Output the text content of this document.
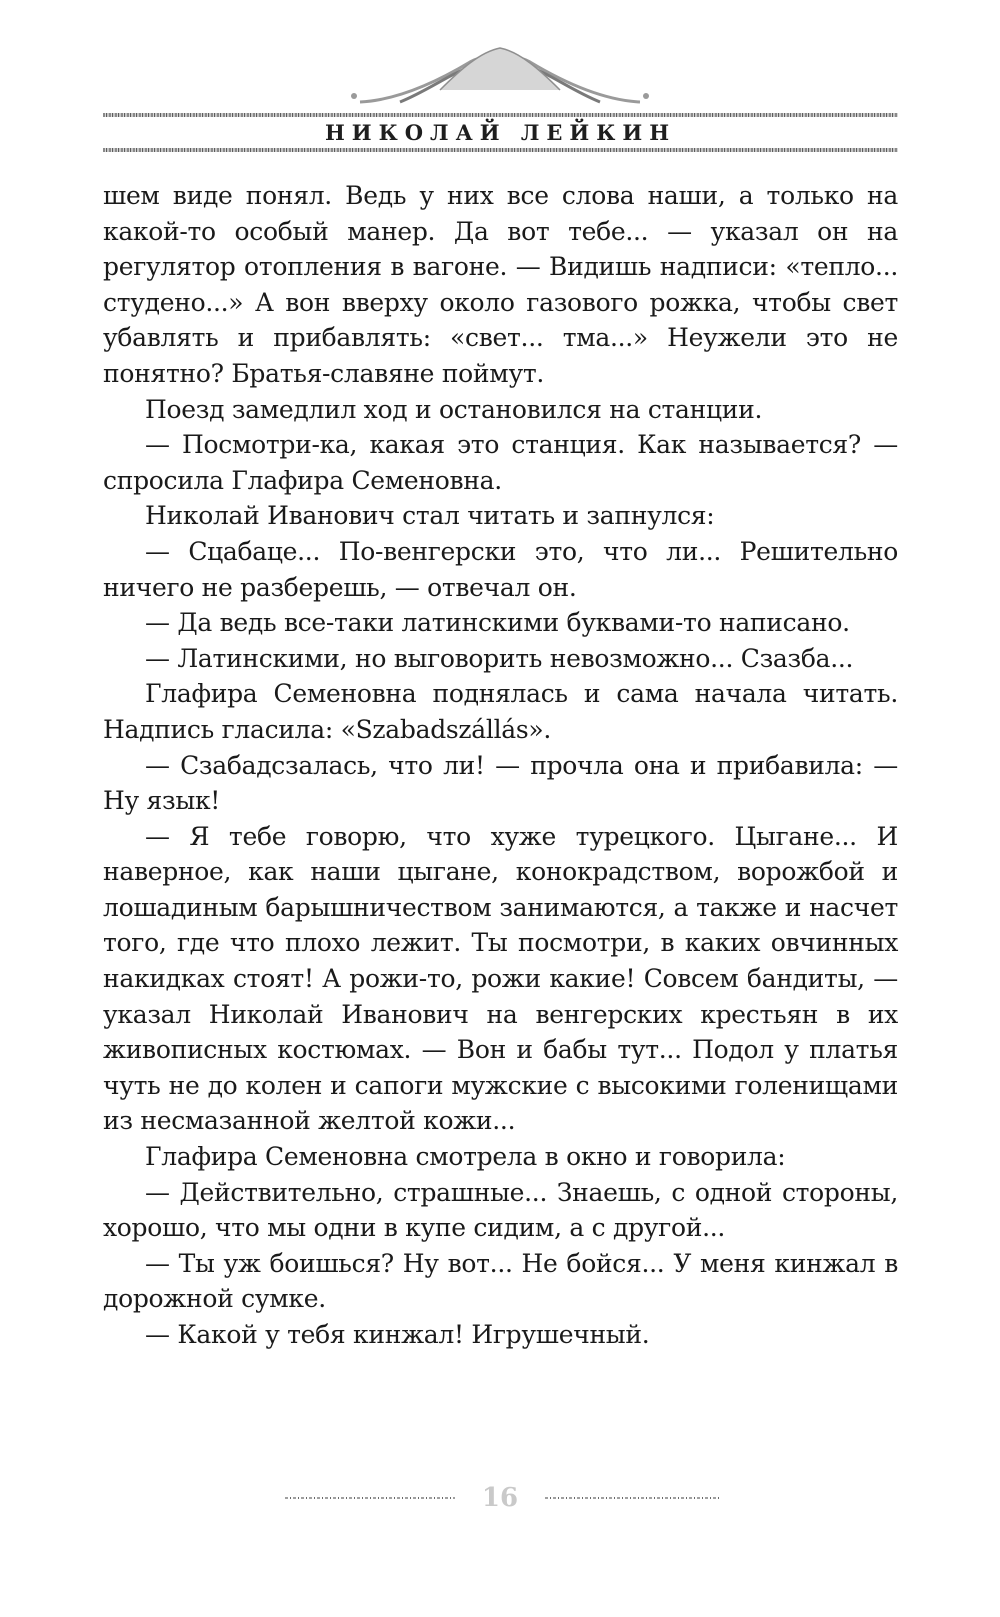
НИКОЛАЙ ЛЕЙКИН

шем виде понял. Ведь у них все слова наши, а только на какой-то особый манер. Да вот тебе... — указал он на регулятор отопления в вагоне. — Видишь надписи: «тепло... студено...» А вон вверху около газового рожка, чтобы свет убавлять и прибавлять: «свет... тма...» Неужели это не понятно? Братья-славяне поймут.

Поезд замедлил ход и остановился на станции.

— Посмотри-ка, какая это станция. Как называется? — спросила Глафира Семеновна.

Николай Иванович стал читать и запнулся:

— Сцабаце... По-венгерски это, что ли... Решительно ничего не разберешь, — отвечал он.

— Да ведь все-таки латинскими буквами-то написано.

— Латинскими, но выговорить невозможно... Сзазба...

Глафира Семеновна поднялась и сама начала читать. Надпись гласила: «Szabadszállás».

— Сзабадсзалась, что ли! — прочла она и прибавила: — Ну язык!

— Я тебе говорю, что хуже турецкого. Цыгане... И наверное, как наши цыгане, конокрадством, ворожбой и лошадиным барышничеством занимаются, а также и насчет того, где что плохо лежит. Ты посмотри, в каких овчинных накидках стоят! А рожи-то, рожи какие! Совсем бандиты, — указал Николай Иванович на венгерских крестьян в их живописных костюмах. — Вон и бабы тут... Подол у платья чуть не до колен и сапоги мужские с высокими голенищами из несмазанной желтой кожи...

Глафира Семеновна смотрела в окно и говорила:

— Действительно, страшные... Знаешь, с одной стороны, хорошо, что мы одни в купе сидим, а с другой...

— Ты уж боишься? Ну вот... Не бойся... У меня кинжал в дорожной сумке.

— Какой у тебя кинжал! Игрушечный.

16
